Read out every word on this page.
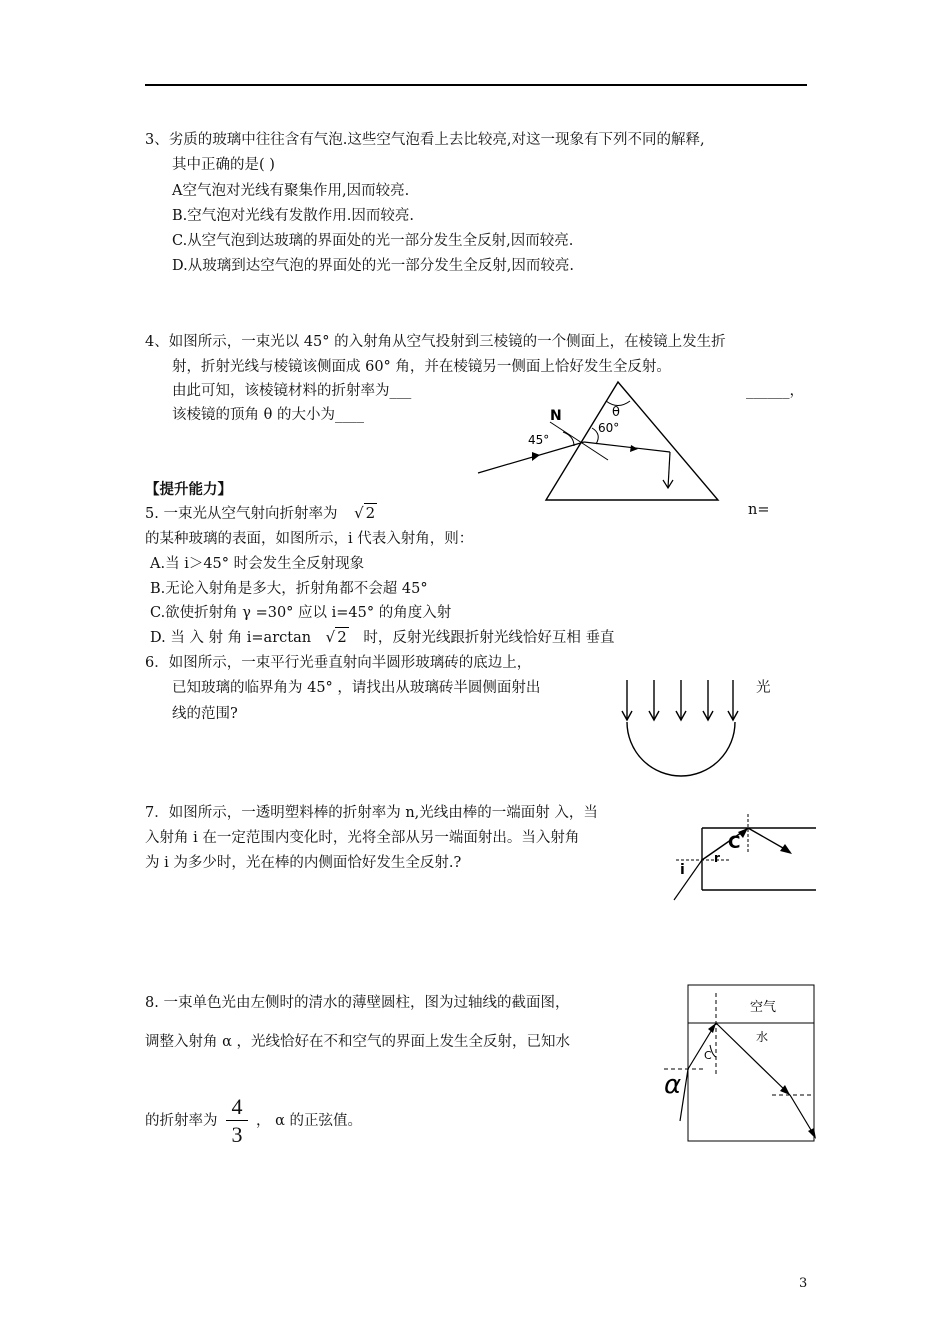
3、劣质的玻璃中往往含有气泡.这些空气泡看上去比较亮,对这一现象有下列不同的解释,
其中正确的是( )
A空气泡对光线有聚集作用,因而较亮.
B.空气泡对光线有发散作用.因而较亮.
C.从空气泡到达玻璃的界面处的光一部分发生全反射,因而较亮.
D.从玻璃到达空气泡的界面处的光一部分发生全反射,因而较亮.
4、如图所示，一束光以 45° 的入射角从空气投射到三棱镜的一个侧面上，在棱镜上发生折
射，折射光线与棱镜该侧面成 60° 角，并在棱镜另一侧面上恰好发生全反射。
由此可知，该棱镜材料的折射率为___	______，
该棱镜的顶角 θ 的大小为____	N
45°
60°
θ
【提升能力】
5. 一束光从空气射向折射率为 √ 2	n=
的某种玻璃的表面，如图所示，i 代表入射角，则：
A.当 i＞45° 时会发生全反射现象
B.无论入射角是多大，折射角都不会超 45°
C.欲使折射角 γ =30° 应以 i=45° 的角度入射
D. 当 入 射 角 i=arctan √ 2 时，反射光线跟折射光线恰好互相 垂直
6．如图所示，一束平行光垂直射向半圆形玻璃砖的底边上，
已知玻璃的临界角为 45° ，请找出从玻璃砖半圆侧面射出	光
线的范围?
7．如图所示，一透明塑料棒的折射率为 n,光线由棒的一端面射 入，当
入射角 i 在一定范围内变化时，光将全部从另一端面射出。当入射角
为 i 为多少时，光在棒的内侧面恰好发生全反射.?
C
r
i
8. 一束单色光由左侧时的清水的薄壁圆柱，图为过轴线的截面图，
调整入射角 α ，光线恰好在不和空气的界面上发生全反射，已知水
的折射率为 $\frac{4}{3}$ ， α 的正弦值。
空气
水
C
α
3
